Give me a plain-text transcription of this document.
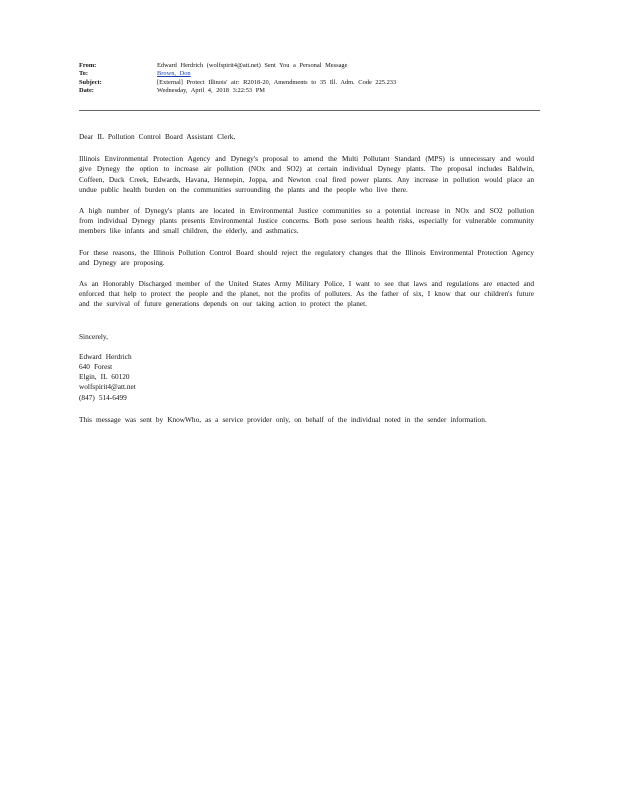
From:	Edward Herdrich (wolfspirit4@att.net) Sent You a Personal Message
To:	Brown, Don
Subject:	[External] Protect Illinois' air: R2018-20, Amendments to 35 Ill. Adm. Code 225.233
Date:	Wednesday, April 4, 2018 3:22:53 PM

Dear IL Pollution Control Board Assistant Clerk,

Illinois Environmental Protection Agency and Dynegy's proposal to amend the Multi Pollutant Standard (MPS) is unnecessary and would give Dynegy the option to increase air pollution (NOx and SO2) at certain individual Dynegy plants. The proposal includes Baldwin, Coffeen, Duck Creek, Edwards, Havana, Hennepin, Joppa, and Newton coal fired power plants. Any increase in pollution would place an undue public health burden on the communities surrounding the plants and the people who live there.

A high number of Dynegy's plants are located in Environmental Justice communities so a potential increase in NOx and SO2 pollution from individual Dynegy plants presents Environmental Justice concerns. Both pose serious health risks, especially for vulnerable community members like infants and small children, the elderly, and asthmatics.

For these reasons, the Illinois Pollution Control Board should reject the regulatory changes that the Illinois Environmental Protection Agency and Dynegy are proposing.

As an Honorably Discharged member of the United States Army Military Police, I want to see that laws and regulations are enacted and enforced that help to protect the people and the planet, not the profits of polluters. As the father of six, I know that our children's future and the survival of future generations depends on our taking action to protect the planet.

Sincerely,

Edward Herdrich
640 Forest
Elgin, IL 60120
wolfspirit4@att.net
(847) 514-6499

This message was sent by KnowWho, as a service provider only, on behalf of the individual noted in the sender information.
